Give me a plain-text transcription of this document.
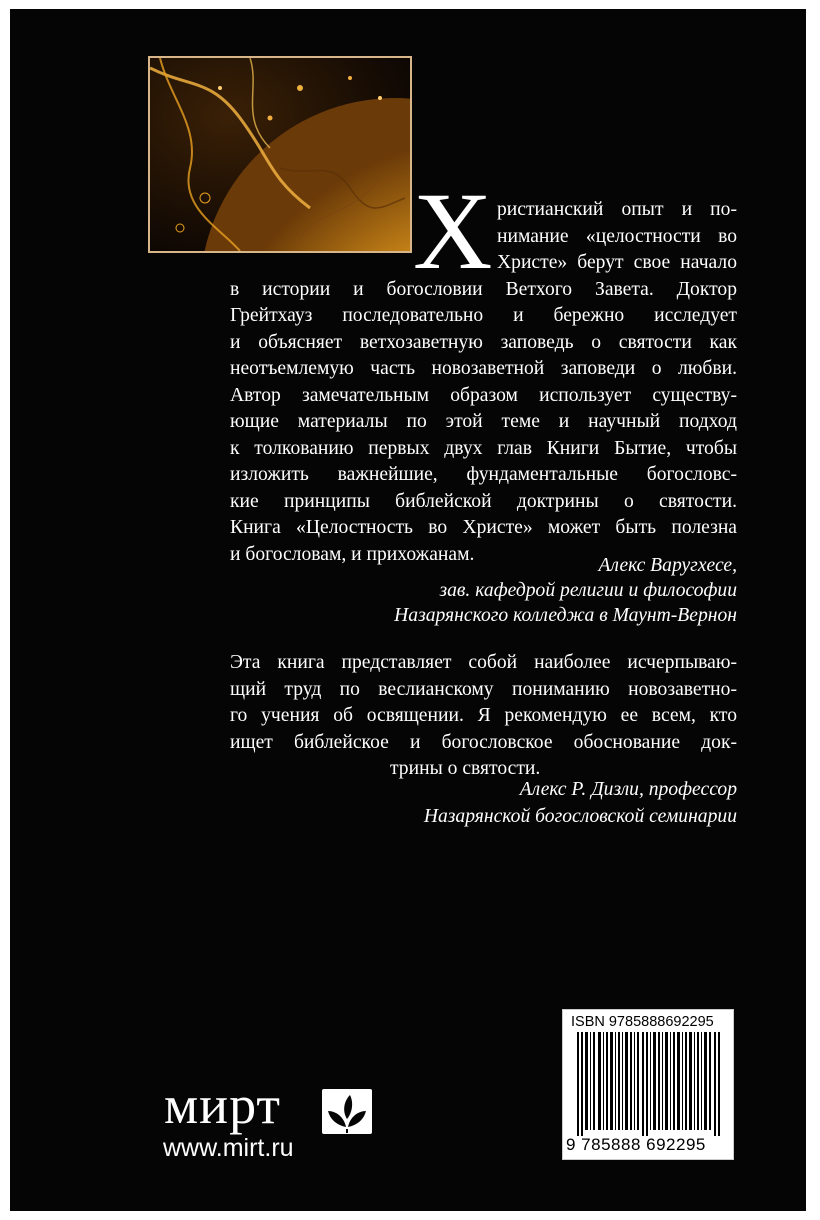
Х ристианский опыт и по-
нимание «целостности во
Христе» берут свое начало
в истории и богословии Ветхого Завета. Доктор
Грейтхауз последовательно и бережно исследует
и объясняет ветхозаветную заповедь о святости как
неотъемлемую часть новозаветной заповеди о любви.
Автор замечательным образом использует существу-
ющие материалы по этой теме и научный подход
к толкованию первых двух глав Книги Бытие, чтобы
изложить важнейшие, фундаментальные богословс-
кие принципы библейской доктрины о святости.
Книга «Целостность во Христе» может быть полезна
и богословам, и прихожанам.
Алекс Варугхесе,
зав. кафедрой религии и философии
Назарянского колледжа в Маунт-Вернон
Эта книга представляет собой наиболее исчерпываю-
щий труд по веслианскому пониманию новозаветно-
го учения об освящении. Я рекомендую ее всем, кто
ищет библейское и богословское обоснование док-
трины о святости.
Алекс Р. Дизли, профессор
Назарянской богословской семинарии
мирт
www.mirt.ru
ISBN 9785888692295
9 785888 692295
